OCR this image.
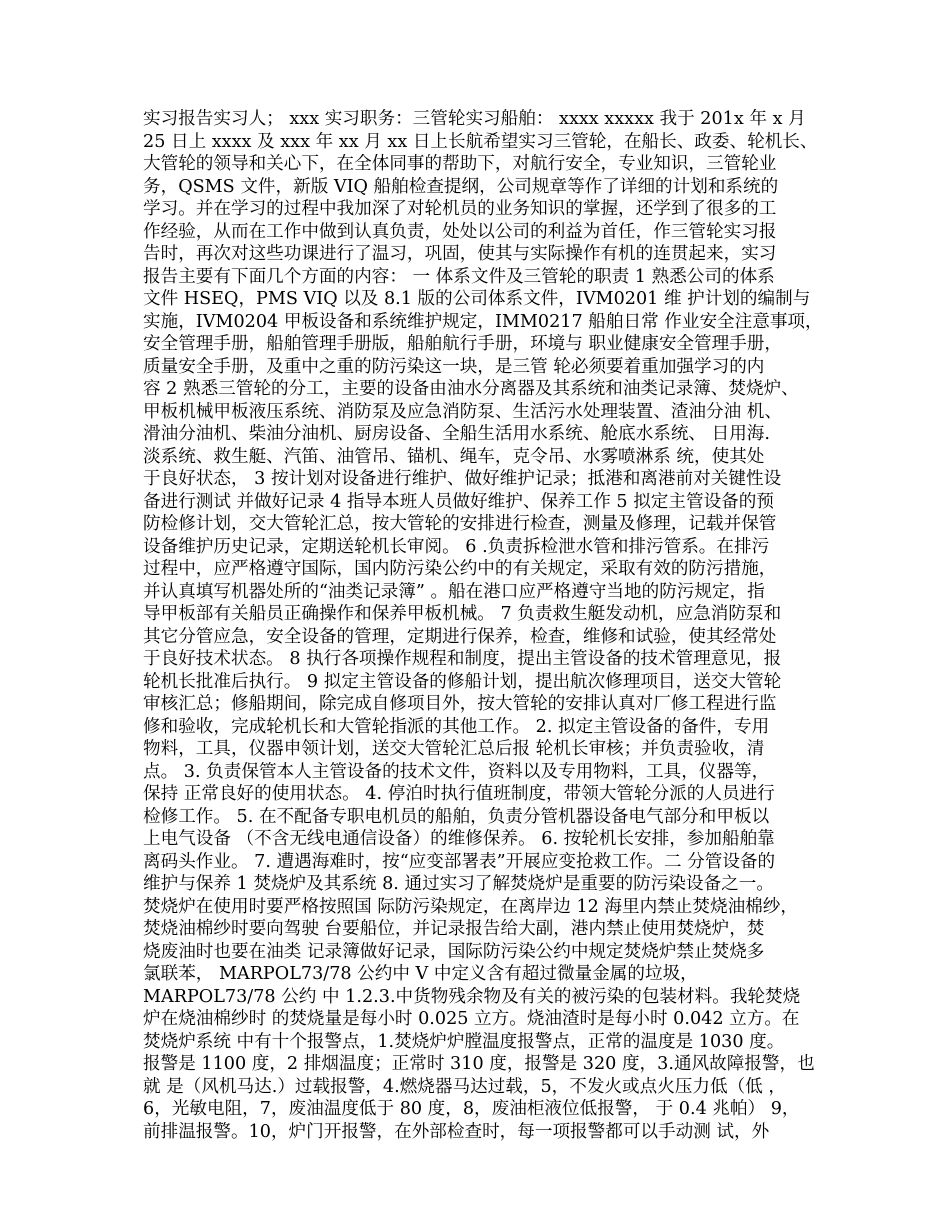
实习报告实习人； xxx 实习职务：三管轮实习船舶： xxxx xxxxx 我于 201x 年 x 月
25 日上 xxxx 及 xxx 年 xx 月 xx 日上长航希望实习三管轮，在船长、政委、轮机长、
大管轮的领导和关心下，在全体同事的帮助下，对航行安全，专业知识，三管轮业
务，QSMS 文件，新版 VIQ 船舶检查提纲，公司规章等作了详细的计划和系统的
学习。并在学习的过程中我加深了对轮机员的业务知识的掌握，还学到了很多的工
作经验，从而在工作中做到认真负责，处处以公司的利益为首任，作三管轮实习报
告时，再次对这些功课进行了温习，巩固，使其与实际操作有机的连贯起来，实习
报告主要有下面几个方面的内容： 一 体系文件及三管轮的职责 1 熟悉公司的体系
文件 HSEQ，PMS VIQ 以及 8.1 版的公司体系文件，IVM0201 维 护计划的编制与
实施，IVM0204 甲板设备和系统维护规定，IMM0217 船舶日常 作业安全注意事项，
安全管理手册，船舶管理手册版，船舶航行手册，环境与 职业健康安全管理手册，
质量安全手册，及重中之重的防污染这一块，是三管 轮必须要着重加强学习的内
容 2 熟悉三管轮的分工，主要的设备由油水分离器及其系统和油类记录簿、焚烧炉、
甲板机械甲板液压系统、消防泵及应急消防泵、生活污水处理装置、渣油分油 机、
滑油分油机、柴油分油机、厨房设备、全船生活用水系统、舱底水系统、 日用海.
淡系统、救生艇、汽笛、油管吊、锚机、绳车，克令吊、水雾喷淋系 统，使其处
于良好状态， 3 按计划对设备进行维护、做好维护记录；抵港和离港前对关键性设
备进行测试 并做好记录 4 指导本班人员做好维护、保养工作 5 拟定主管设备的预
防检修计划，交大管轮汇总，按大管轮的安排进行检查，测量及修理，记载并保管
设备维护历史记录，定期送轮机长审阅。 6 .负责拆检泄水管和排污管系。在排污
过程中，应严格遵守国际，国内防污染公约中的有关规定，采取有效的防污措施，
并认真填写机器处所的“油类记录簿” 。船在港口应严格遵守当地的防污规定，指
导甲板部有关船员正确操作和保养甲板机械。 7 负责救生艇发动机，应急消防泵和
其它分管应急，安全设备的管理，定期进行保养，检查，维修和试验，使其经常处
于良好技术状态。 8 执行各项操作规程和制度，提出主管设备的技术管理意见，报
轮机长批准后执行。 9 拟定主管设备的修船计划，提出航次修理项目，送交大管轮
审核汇总；修船期间，除完成自修项目外，按大管轮的安排认真对厂修工程进行监
修和验收，完成轮机长和大管轮指派的其他工作。 2. 拟定主管设备的备件，专用
物料，工具，仪器申领计划，送交大管轮汇总后报 轮机长审核；并负责验收，清
点。 3. 负责保管本人主管设备的技术文件，资料以及专用物料，工具，仪器等，
保持 正常良好的使用状态。 4. 停泊时执行值班制度，带领大管轮分派的人员进行
检修工作。 5. 在不配备专职电机员的船舶，负责分管机器设备电气部分和甲板以
上电气设备 （不含无线电通信设备）的维修保养。 6. 按轮机长安排，参加船舶靠
离码头作业。 7. 遭遇海难时，按“应变部署表”开展应变抢救工作。二 分管设备的
维护与保养 1 焚烧炉及其系统 8. 通过实习了解焚烧炉是重要的防污染设备之一。
焚烧炉在使用时要严格按照国 际防污染规定，在离岸边 12 海里内禁止焚烧油棉纱，
焚烧油棉纱时要向驾驶 台要船位，并记录报告给大副，港内禁止使用焚烧炉，焚
烧废油时也要在油类 记录簿做好记录，国际防污染公约中规定焚烧炉禁止焚烧多
氯联苯， MARPOL73/78 公约中 V 中定义含有超过微量金属的垃圾，
MARPOL73/78 公约 中 1.2.3.中货物残余物及有关的被污染的包装材料。我轮焚烧
炉在烧油棉纱时 的焚烧量是每小时 0.025 立方。烧油渣时是每小时 0.042 立方。在
焚烧炉系统 中有十个报警点，1.焚烧炉炉膛温度报警点，正常的温度是 1030 度。
报警是 1100 度，2 排烟温度；正常时 310 度，报警是 320 度，3.通风故障报警，也
就 是（风机马达.）过载报警，4.燃烧器马达过载，5，不发火或点火压力低（低 ，
6，光敏电阻，7，废油温度低于 80 度，8，废油柜液位低报警， 于 0.4 兆帕） 9，
前排温报警。10，炉门开报警，在外部检查时，每一项报警都可以手动测 试，外
